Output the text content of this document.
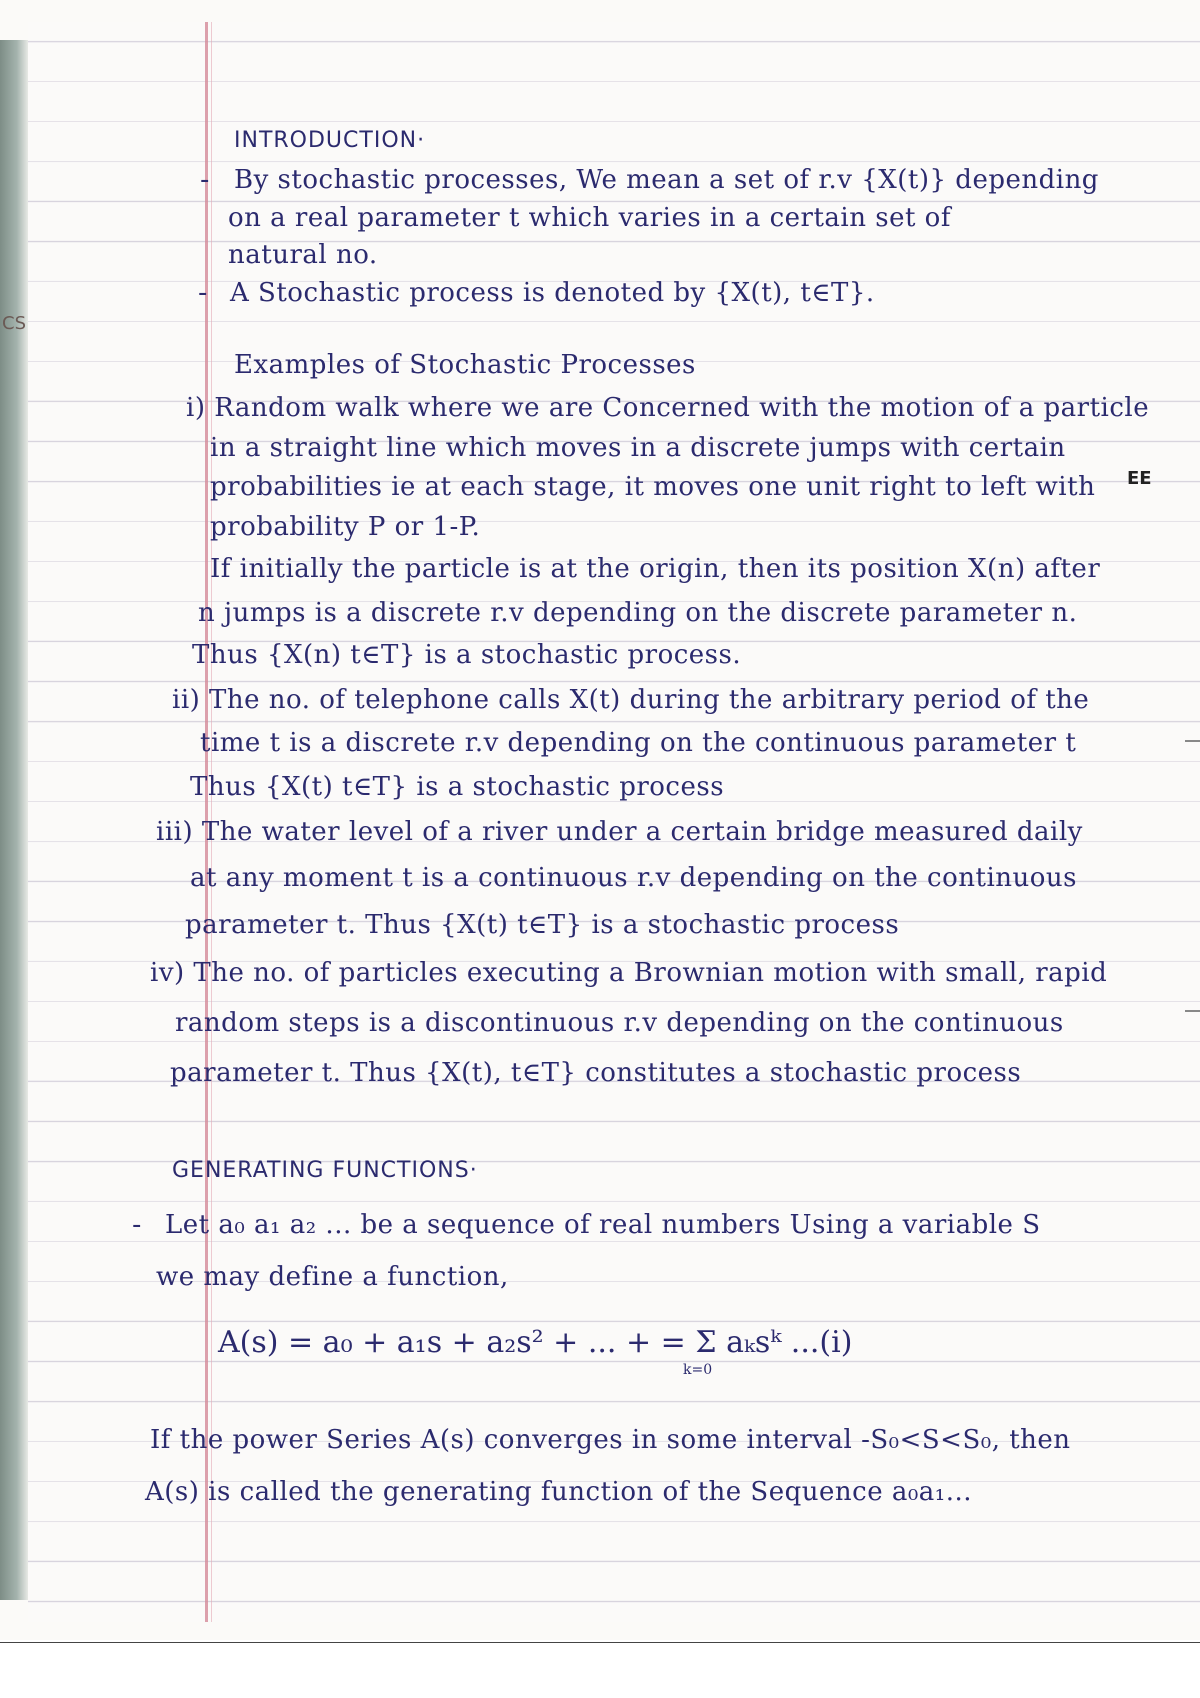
CS
INTRODUCTION·
- By stochastic processes, We mean a set of r.v {X(t)} depending
on a real parameter t which varies in a certain set of
natural no.
- A Stochastic process is denoted by {X(t), t∈T}.
Examples of Stochastic Processes
i) Random walk where we are Concerned with the motion of a particle
in a straight line which moves in a discrete jumps with certain
probabilities ie at each stage, it moves one unit right to left with
probability P or 1-P.
If initially the particle is at the origin, then its position X(n) after
n jumps is a discrete r.v depending on the discrete parameter n.
Thus {X(n) t∈T} is a stochastic process.
ii) The no. of telephone calls X(t) during the arbitrary period of the
time t is a discrete r.v depending on the continuous parameter t
Thus {X(t) t∈T} is a stochastic process
iii) The water level of a river under a certain bridge measured daily
at any moment t is a continuous r.v depending on the continuous
parameter t. Thus {X(t) t∈T} is a stochastic process
iv) The no. of particles executing a Brownian motion with small, rapid
random steps is a discontinuous r.v depending on the continuous
parameter t. Thus {X(t), t∈T} constitutes a stochastic process
GENERATING FUNCTIONS·
- Let a₀ a₁ a₂ ... be a sequence of real numbers Using a variable S
we may define a function,
A(s) = a₀ + a₁s + a₂s² + ... + = Σ aₖsᵏ ...(i)
k=0
If the power Series A(s) converges in some interval -S₀<S<S₀, then
A(s) is called the generating function of the Sequence a₀a₁...
EE
